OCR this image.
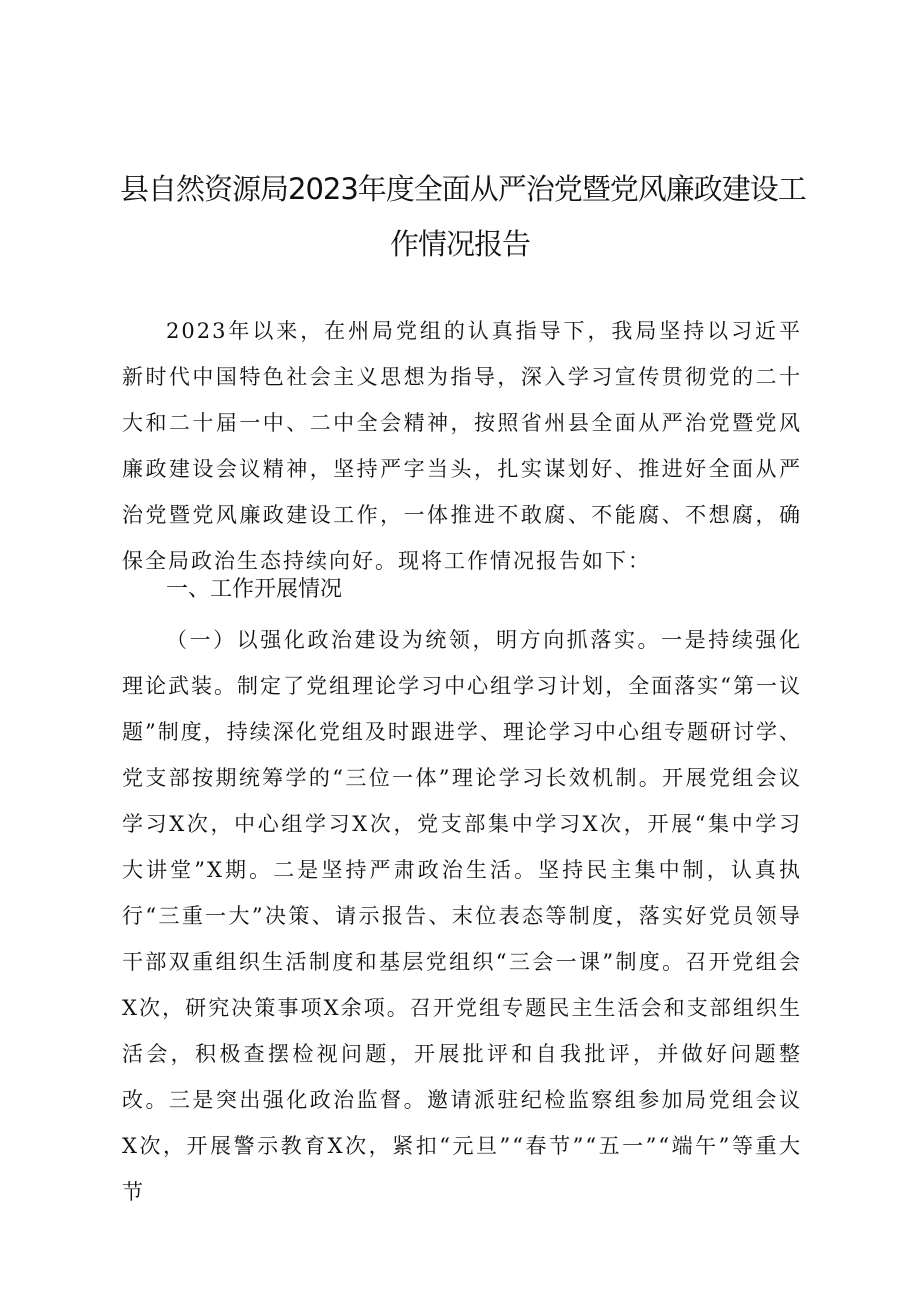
县自然资源局2023年度全面从严治党暨党风廉政建设工
作情况报告

2023年以来，在州局党组的认真指导下，我局坚持以习近平新时代中国特色社会主义思想为指导，深入学习宣传贯彻党的二十大和二十届一中、二中全会精神，按照省州县全面从严治党暨党风廉政建设会议精神，坚持严字当头，扎实谋划好、推进好全面从严治党暨党风廉政建设工作，一体推进不敢腐、不能腐、不想腐，确保全局政治生态持续向好。现将工作情况报告如下：

一、工作开展情况

（一）以强化政治建设为统领，明方向抓落实。一是持续强化理论武装。制定了党组理论学习中心组学习计划，全面落实“第一议题”制度，持续深化党组及时跟进学、理论学习中心组专题研讨学、党支部按期统筹学的“三位一体”理论学习长效机制。开展党组会议学习X次，中心组学习X次，党支部集中学习X次，开展“集中学习大讲堂”X期。二是坚持严肃政治生活。坚持民主集中制，认真执行“三重一大”决策、请示报告、末位表态等制度，落实好党员领导干部双重组织生活制度和基层党组织“三会一课”制度。召开党组会X次，研究决策事项X余项。召开党组专题民主生活会和支部组织生活会，积极查摆检视问题，开展批评和自我批评，并做好问题整改。三是突出强化政治监督。邀请派驻纪检监察组参加局党组会议X次，开展警示教育X次，紧扣“元旦”“春节”“五一”“端午”等重大节
